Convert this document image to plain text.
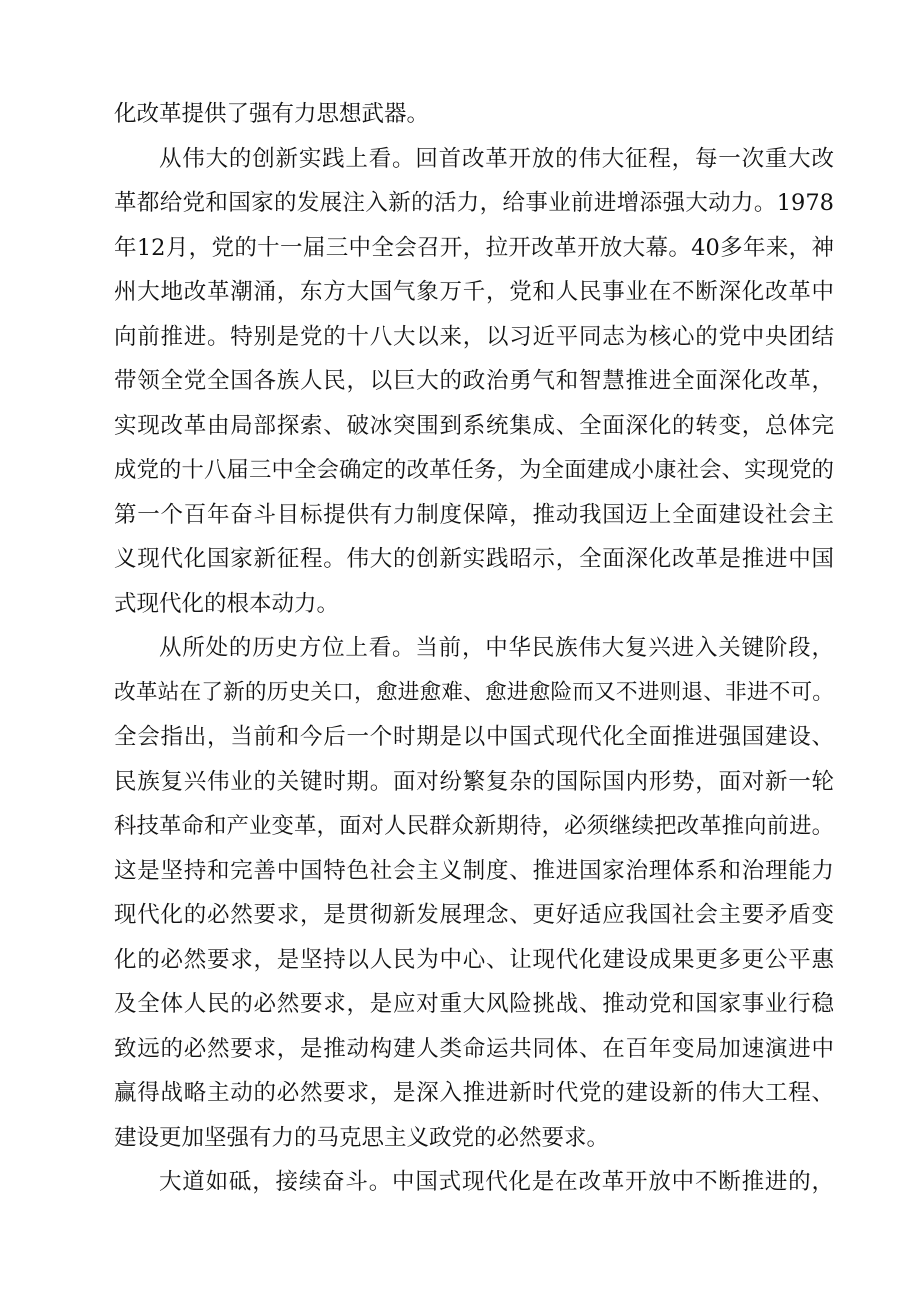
化改革提供了强有力思想武器。
从伟大的创新实践上看。回首改革开放的伟大征程，每一次重大改
革都给党和国家的发展注入新的活力，给事业前进增添强大动力。1978
年12月，党的十一届三中全会召开，拉开改革开放大幕。40多年来，神
州大地改革潮涌，东方大国气象万千，党和人民事业在不断深化改革中
向前推进。特别是党的十八大以来，以习近平同志为核心的党中央团结
带领全党全国各族人民，以巨大的政治勇气和智慧推进全面深化改革，
实现改革由局部探索、破冰突围到系统集成、全面深化的转变，总体完
成党的十八届三中全会确定的改革任务，为全面建成小康社会、实现党的
第一个百年奋斗目标提供有力制度保障，推动我国迈上全面建设社会主
义现代化国家新征程。伟大的创新实践昭示，全面深化改革是推进中国
式现代化的根本动力。
从所处的历史方位上看。当前，中华民族伟大复兴进入关键阶段，
改革站在了新的历史关口，愈进愈难、愈进愈险而又不进则退、非进不可。
全会指出，当前和今后一个时期是以中国式现代化全面推进强国建设、
民族复兴伟业的关键时期。面对纷繁复杂的国际国内形势，面对新一轮
科技革命和产业变革，面对人民群众新期待，必须继续把改革推向前进。
这是坚持和完善中国特色社会主义制度、推进国家治理体系和治理能力
现代化的必然要求，是贯彻新发展理念、更好适应我国社会主要矛盾变
化的必然要求，是坚持以人民为中心、让现代化建设成果更多更公平惠
及全体人民的必然要求，是应对重大风险挑战、推动党和国家事业行稳
致远的必然要求，是推动构建人类命运共同体、在百年变局加速演进中
赢得战略主动的必然要求，是深入推进新时代党的建设新的伟大工程、
建设更加坚强有力的马克思主义政党的必然要求。
大道如砥，接续奋斗。中国式现代化是在改革开放中不断推进的，
